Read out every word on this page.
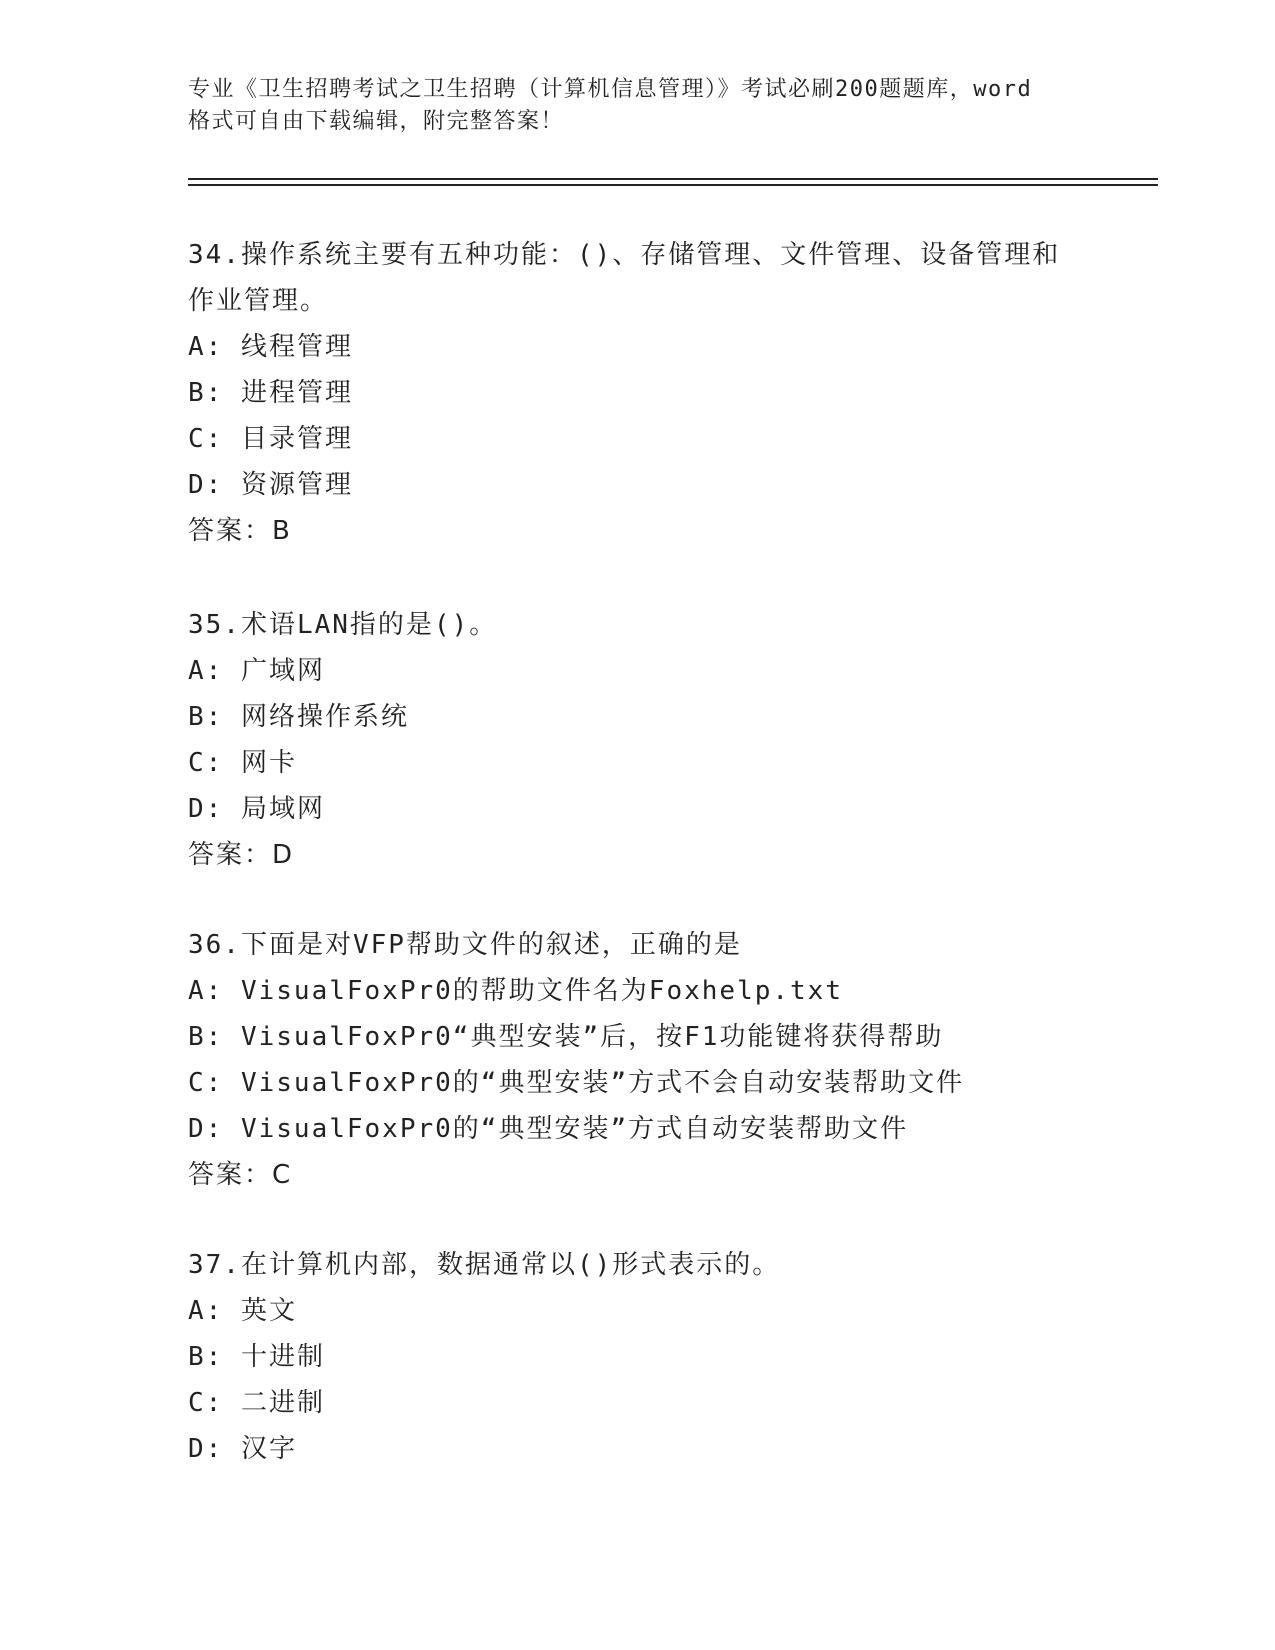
专业《卫生招聘考试之卫生招聘（计算机信息管理）》考试必刷200题题库，word
格式可自由下载编辑，附完整答案！
34.操作系统主要有五种功能：()、存储管理、文件管理、设备管理和
作业管理。
A: 线程管理
B: 进程管理
C: 目录管理
D: 资源管理
答案：B
35.术语LAN指的是()。
A: 广域网
B: 网络操作系统
C: 网卡
D: 局域网
答案：D
36.下面是对VFP帮助文件的叙述，正确的是
A: VisualFoxPr0的帮助文件名为Foxhelp.txt
B: VisualFoxPr0“典型安装”后，按F1功能键将获得帮助
C: VisualFoxPr0的“典型安装”方式不会自动安装帮助文件
D: VisualFoxPr0的“典型安装”方式自动安装帮助文件
答案：C
37.在计算机内部，数据通常以()形式表示的。
A: 英文
B: 十进制
C: 二进制
D: 汉字
